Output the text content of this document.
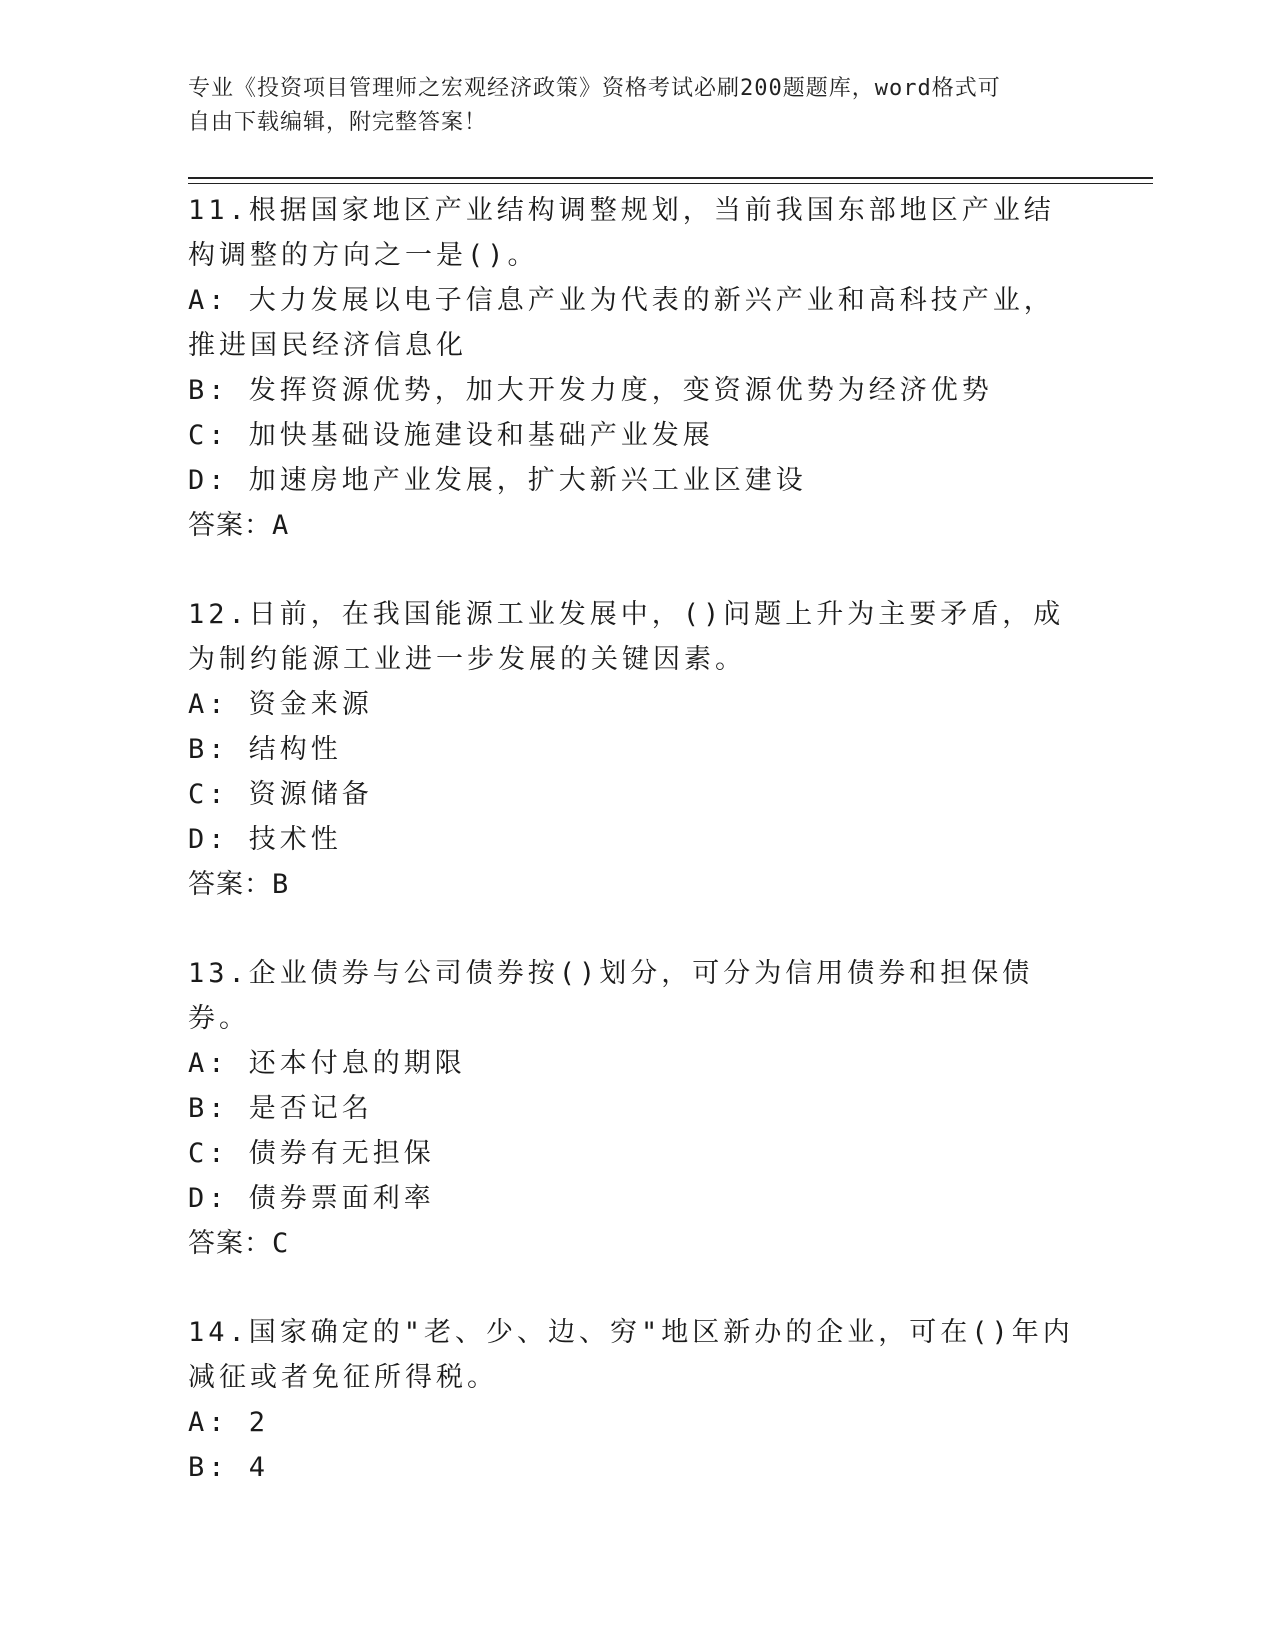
专业《投资项目管理师之宏观经济政策》资格考试必刷200题题库，word格式可
自由下载编辑，附完整答案！

11.根据国家地区产业结构调整规划，当前我国东部地区产业结构调整的方向之一是()。

A: 大力发展以电子信息产业为代表的新兴产业和高科技产业，推进国民经济信息化

B: 发挥资源优势，加大开发力度，变资源优势为经济优势

C: 加快基础设施建设和基础产业发展

D: 加速房地产业发展，扩大新兴工业区建设

答案：A

12.日前，在我国能源工业发展中，()问题上升为主要矛盾，成为制约能源工业进一步发展的关键因素。

A: 资金来源

B: 结构性

C: 资源储备

D: 技术性

答案：B

13.企业债券与公司债券按()划分，可分为信用债券和担保债券。

A: 还本付息的期限

B: 是否记名

C: 债券有无担保

D: 债券票面利率

答案：C

14.国家确定的"老、少、边、穷"地区新办的企业，可在()年内减征或者免征所得税。

A: 2

B: 4
